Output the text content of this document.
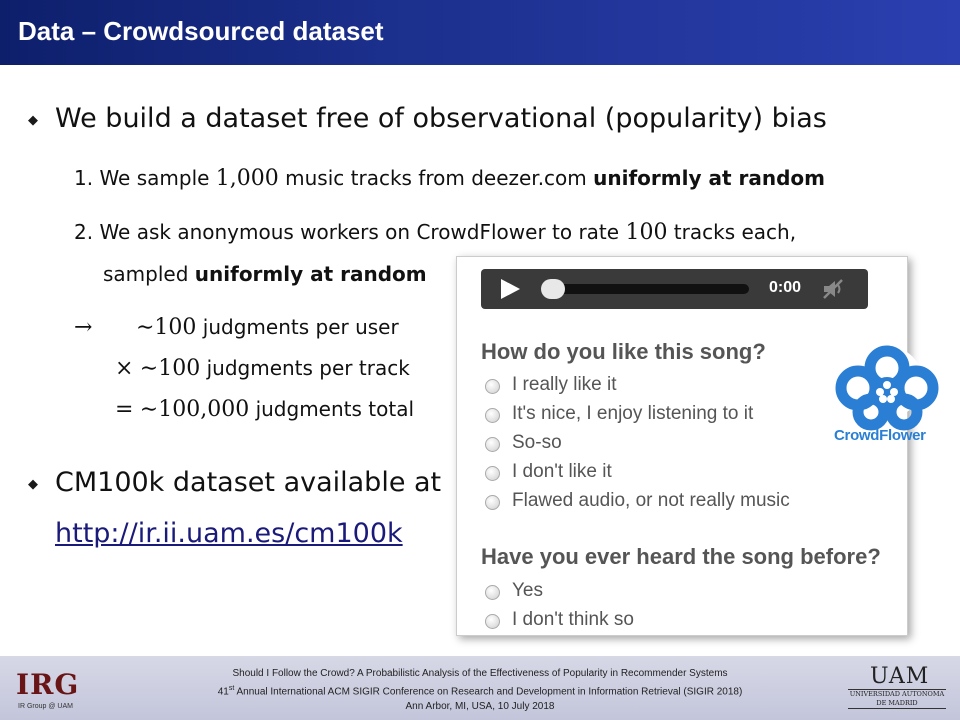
Data – Crowdsourced dataset
◆ We build a dataset free of observational (popularity) bias
1. We sample 1,000 music tracks from deezer.com uniformly at random
2. We ask anonymous workers on CrowdFlower to rate 100 tracks each,
sampled uniformly at random
→ ∼100 judgments per user
× ∼100 judgments per track
= ∼100,000 judgments total
◆ CM100k dataset available at
http://ir.ii.uam.es/cm100k
0:00
How do you like this song?
I really like it
It's nice, I enjoy listening to it
So-so
I don't like it
Flawed audio, or not really music
Have you ever heard the song before?
Yes
I don't think so
CrowdFlower
IRG
IR Group @ UAM
Should I Follow the Crowd? A Probabilistic Analysis of the Effectiveness of Popularity in Recommender Systems
41st Annual International ACM SIGIR Conference on Research and Development in Information Retrieval (SIGIR 2018)
Ann Arbor, MI, USA, 10 July 2018
UAM
UNIVERSIDAD AUTONOMA
DE MADRID
